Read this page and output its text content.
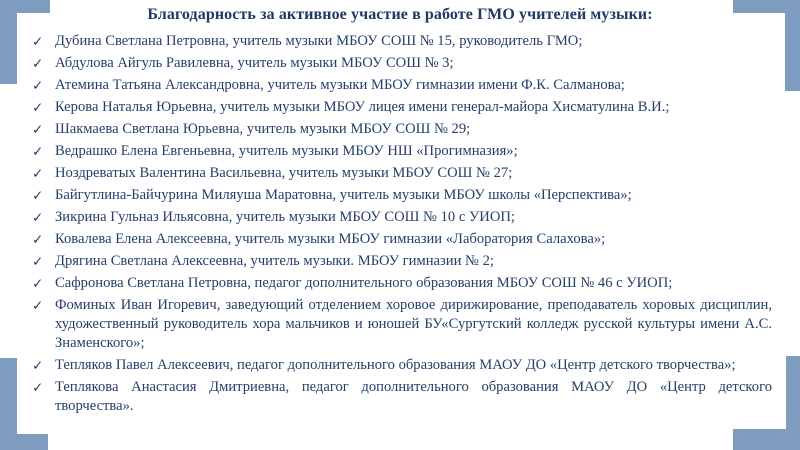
Благодарность за активное участие в работе ГМО учителей музыки:
✓ Дубина Светлана Петровна, учитель музыки МБОУ СОШ № 15, руководитель ГМО;
✓ Абдулова Айгуль Равилевна, учитель музыки МБОУ СОШ № 3;
✓ Атемина Татьяна Александровна, учитель музыки МБОУ гимназии имени Ф.К. Салманова;
✓ Керова Наталья Юрьевна, учитель музыки МБОУ лицея имени генерал-майора Хисматулина В.И.;
✓ Шакмаева Светлана Юрьевна, учитель музыки МБОУ СОШ № 29;
✓ Ведрашко Елена Евгеньевна, учитель музыки МБОУ НШ «Прогимназия»;
✓ Ноздреватых Валентина Васильевна, учитель музыки МБОУ СОШ № 27;
✓ Байгутлина-Байчурина Миляуша Маратовна, учитель музыки МБОУ школы «Перспектива»;
✓ Зикрина Гульназ Ильясовна, учитель музыки МБОУ СОШ № 10 с УИОП;
✓ Ковалева Елена Алексеевна, учитель музыки МБОУ гимназии «Лаборатория Салахова»;
✓ Дрягина Светлана Алексеевна, учитель музыки. МБОУ гимназии № 2;
✓ Сафронова Светлана Петровна, педагог дополнительного образования МБОУ СОШ № 46 с УИОП;
✓ Фоминых Иван Игоревич, заведующий отделением хоровое дирижирование, преподаватель хоровых дисциплин, художественный руководитель хора мальчиков и юношей БУ«Сургутский колледж русской культуры имени А.С. Знаменского»;
✓ Тепляков Павел Алексеевич, педагог дополнительного образования МАОУ ДО «Центр детского творчества»;
✓ Теплякова Анастасия Дмитриевна, педагог дополнительного образования МАОУ ДО «Центр детского творчества».
